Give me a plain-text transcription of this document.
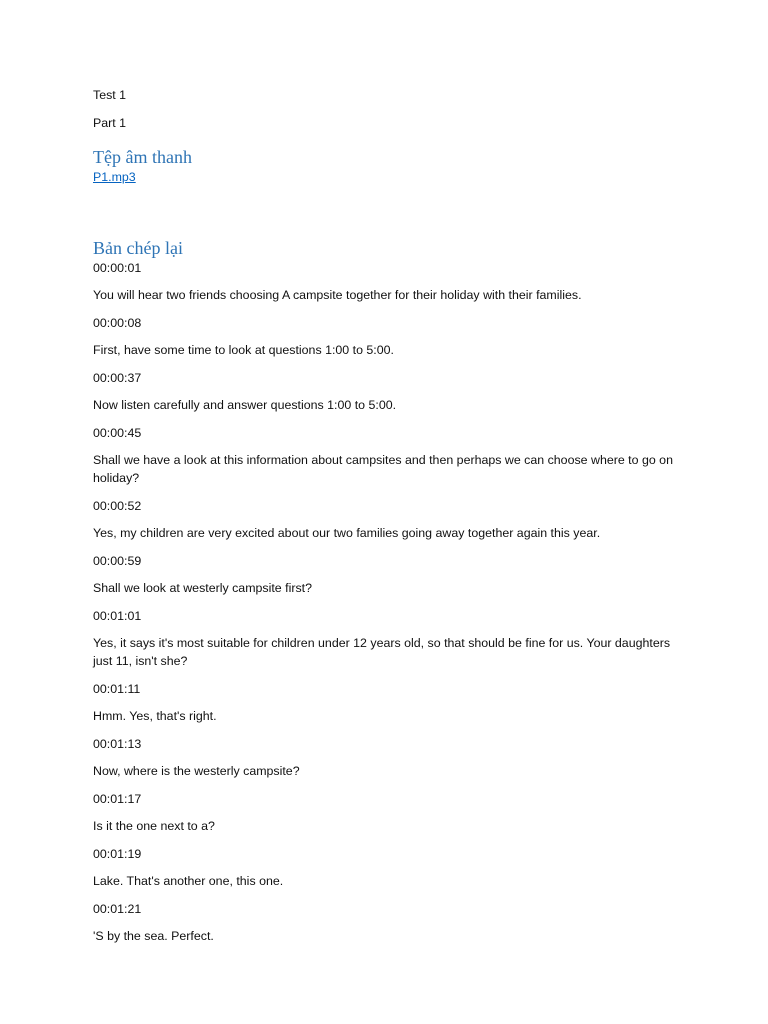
Test 1

Part 1

Tệp âm thanh
P1.mp3
Bản chép lại

00:00:01

You will hear two friends choosing A campsite together for their holiday with their families.

00:00:08

First, have some time to look at questions 1:00 to 5:00.

00:00:37

Now listen carefully and answer questions 1:00 to 5:00.

00:00:45

Shall we have a look at this information about campsites and then perhaps we can choose where to go on holiday?

00:00:52

Yes, my children are very excited about our two families going away together again this year.

00:00:59

Shall we look at westerly campsite first?

00:01:01

Yes, it says it's most suitable for children under 12 years old, so that should be fine for us. Your daughters just 11, isn't she?

00:01:11

Hmm. Yes, that's right.

00:01:13

Now, where is the westerly campsite?

00:01:17

Is it the one next to a?

00:01:19

Lake. That's another one, this one.

00:01:21

'S by the sea. Perfect.
